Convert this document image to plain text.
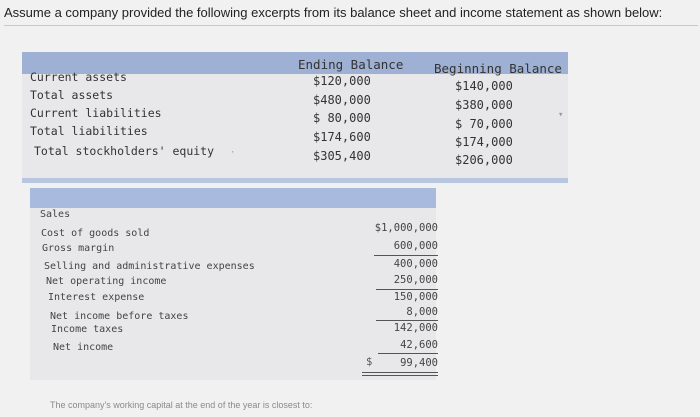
Assume a company provided the following excerpts from its balance sheet and income statement as shown below:
Ending Balance Beginning Balance
Current assets
Total assets
Current liabilities
Total liabilities
Total stockholders' equity
$120,000
$480,000
$ 80,000
$174,600
$305,400
$140,000
$380,000
$ 70,000
$174,000
$206,000
▾
·
Sales
Cost of goods sold
Gross margin
Selling and administrative expenses
Net operating income
Interest expense
Net income before taxes
Income taxes
Net income
$1,000,000
600,000
400,000
250,000
150,000
8,000
142,000
42,600
$	99,400
The company's working capital at the end of the year is closest to:
